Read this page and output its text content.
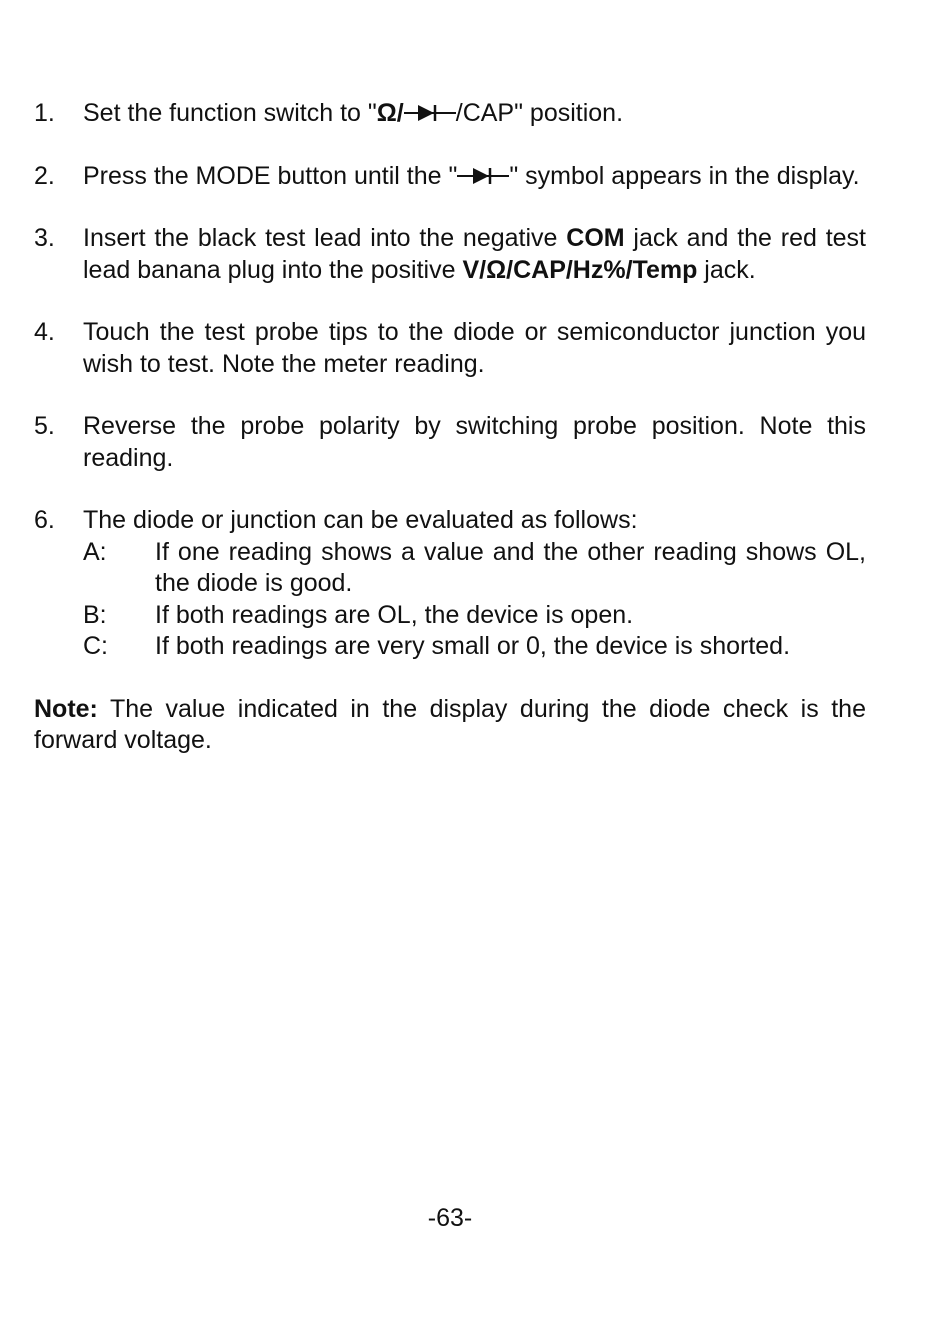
1. Set the function switch to "Ω/ /CAP" position.
2. Press the MODE button until the " " symbol appears in the display.
3. Insert the black test lead into the negative COM jack and the red test lead banana plug into the positive V/Ω/CAP/Hz%/Temp jack.
4. Touch the test probe tips to the diode or semiconductor junction you wish to test. Note the meter reading.
5. Reverse the probe polarity by switching probe position. Note this reading.
6. The diode or junction can be evaluated as follows:
A: If one reading shows a value and the other reading shows OL, the diode is good.
B: If both readings are OL, the device is open.
C: If both readings are very small or 0, the device is shorted.
Note: The value indicated in the display during the diode check is the forward voltage.
-63-
